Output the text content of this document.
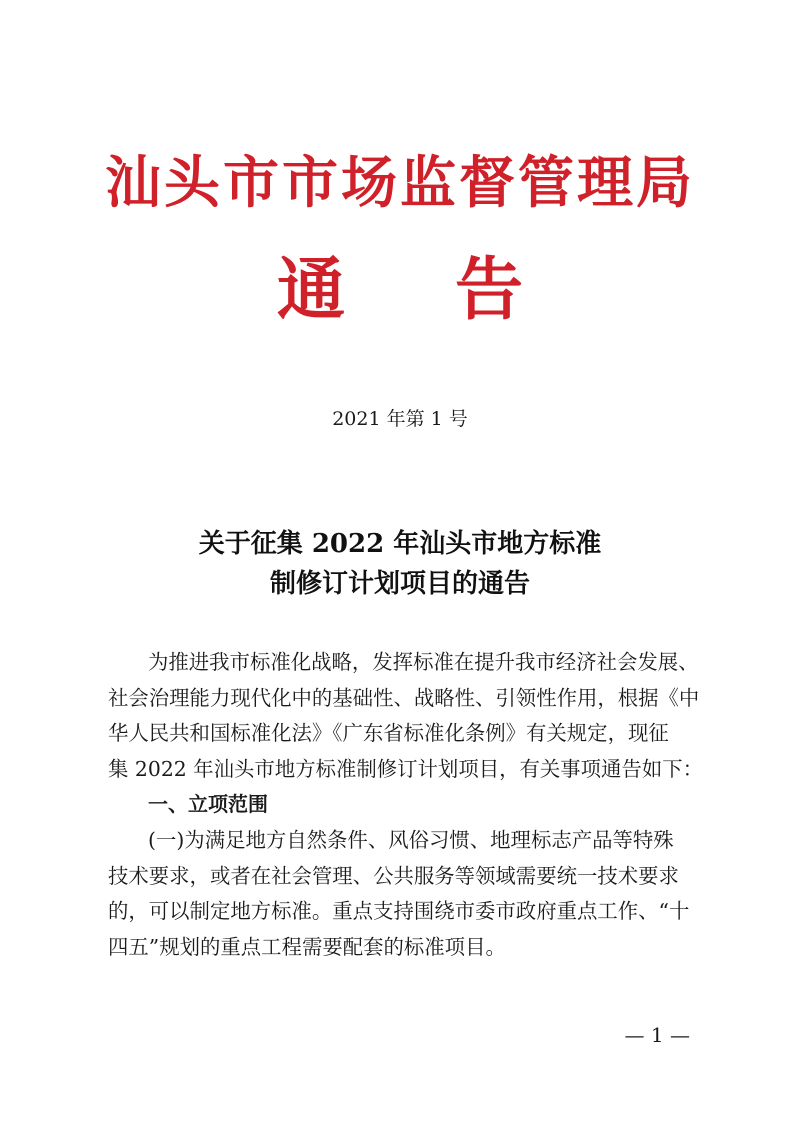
汕头市市场监督管理局
通 告
2021 年第 1 号
关于征集 2022 年汕头市地方标准
制修订计划项目的通告
为推进我市标准化战略，发挥标准在提升我市经济社会发展、
社会治理能力现代化中的基础性、战略性、引领性作用，根据《中
华人民共和国标准化法》《广东省标准化条例》有关规定，现征
集 2022 年汕头市地方标准制修订计划项目，有关事项通告如下：
一、立项范围
(一)为满足地方自然条件、风俗习惯、地理标志产品等特殊
技术要求，或者在社会管理、公共服务等领域需要统一技术要求
的，可以制定地方标准。重点支持围绕市委市政府重点工作、“十
四五”规划的重点工程需要配套的标准项目。
— 1 —
